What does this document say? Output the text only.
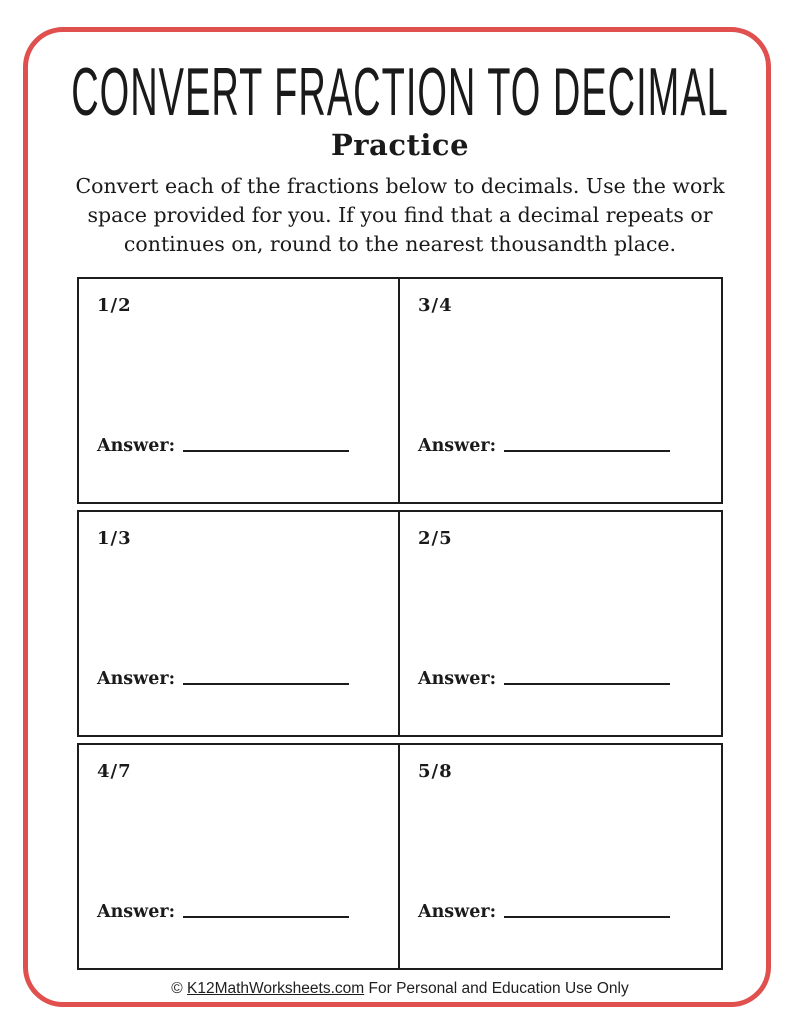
CONVERT FRACTION TO DECIMAL
Practice
Convert each of the fractions below to decimals. Use the work space provided for you. If you find that a decimal repeats or continues on, round to the nearest thousandth place.
1/2
Answer:
3/4
Answer:
1/3
Answer:
2/5
Answer:
4/7
Answer:
5/8
Answer:
© K12MathWorksheets.com For Personal and Education Use Only
